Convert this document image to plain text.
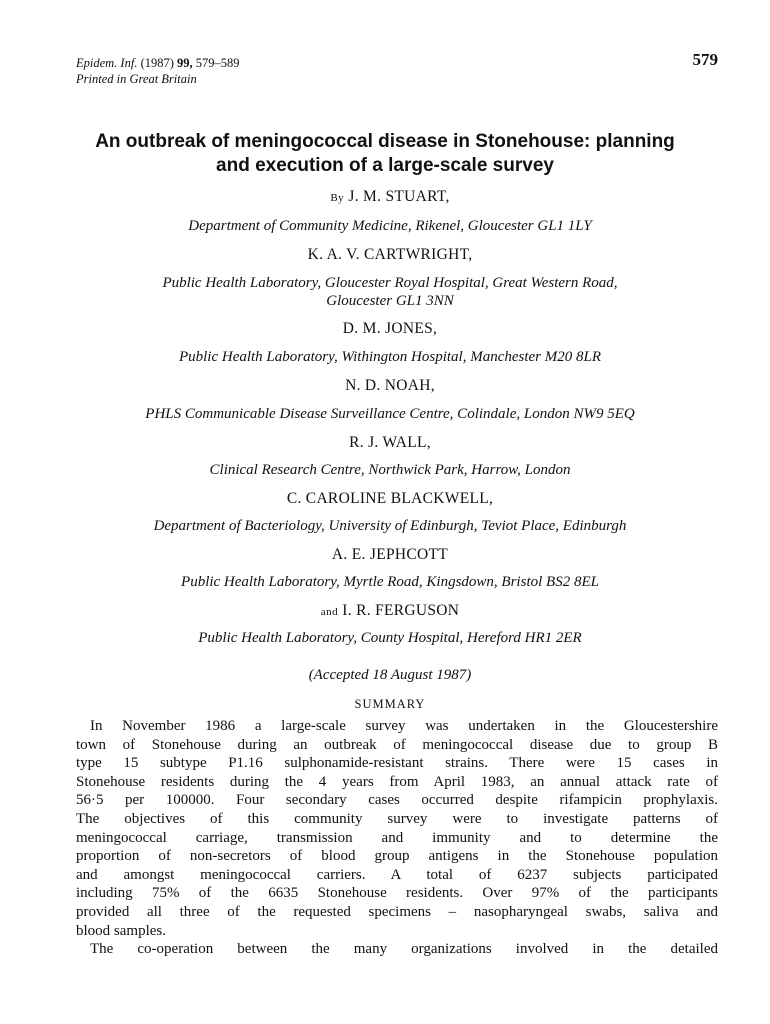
Epidem. Inf. (1987) 99, 579–589
Printed in Great Britain
579
An outbreak of meningococcal disease in Stonehouse: planning
and execution of a large-scale survey
By J. M. STUART,
Department of Community Medicine, Rikenel, Gloucester GL1 1LY
K. A. V. CARTWRIGHT,
Public Health Laboratory, Gloucester Royal Hospital, Great Western Road,
Gloucester GL1 3NN
D. M. JONES,
Public Health Laboratory, Withington Hospital, Manchester M20 8LR
N. D. NOAH,
PHLS Communicable Disease Surveillance Centre, Colindale, London NW9 5EQ
R. J. WALL,
Clinical Research Centre, Northwick Park, Harrow, London
C. CAROLINE BLACKWELL,
Department of Bacteriology, University of Edinburgh, Teviot Place, Edinburgh
A. E. JEPHCOTT
Public Health Laboratory, Myrtle Road, Kingsdown, Bristol BS2 8EL
and I. R. FERGUSON
Public Health Laboratory, County Hospital, Hereford HR1 2ER
(Accepted 18 August 1987)
SUMMARY
In November 1986 a large-scale survey was undertaken in the Gloucestershire
town of Stonehouse during an outbreak of meningococcal disease due to group B
type 15 subtype P1.16 sulphonamide-resistant strains. There were 15 cases in
Stonehouse residents during the 4 years from April 1983, an annual attack rate of
56·5 per 100000. Four secondary cases occurred despite rifampicin prophylaxis.
The objectives of this community survey were to investigate patterns of
meningococcal carriage, transmission and immunity and to determine the
proportion of non-secretors of blood group antigens in the Stonehouse population
and amongst meningococcal carriers. A total of 6237 subjects participated
including 75% of the 6635 Stonehouse residents. Over 97% of the participants
provided all three of the requested specimens – nasopharyngeal swabs, saliva and
blood samples.
The co-operation between the many organizations involved in the detailed
